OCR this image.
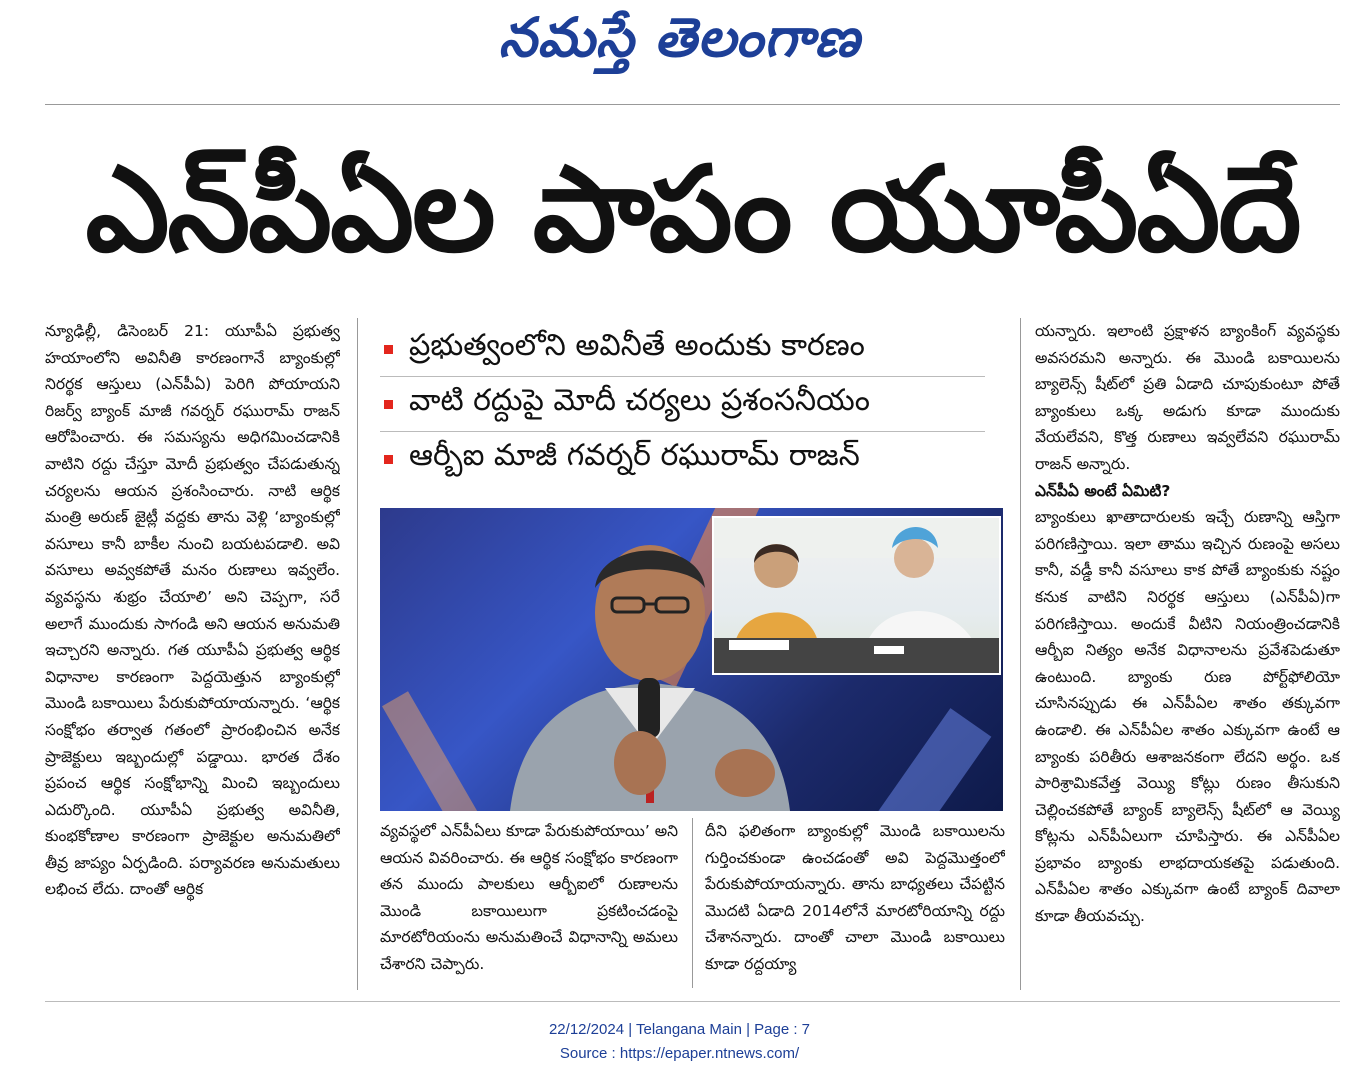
నమస్తే తెలంగాణ
ఎన్‌పీఏల పాపం యూపీఏదే

న్యూఢిల్లీ, డిసెంబర్ 21: యూపీఏ ప్రభుత్వ హయాంలోని అవినీతి కారణంగానే బ్యాంకుల్లో నిరర్థక ఆస్తులు (ఎన్‌పీఏ) పెరిగి పోయాయని రిజర్వ్ బ్యాంక్ మాజీ గవర్నర్ రఘురామ్ రాజన్ ఆరోపించారు. ఈ సమస్యను అధిగమించడానికి వాటిని రద్దు చేస్తూ మోదీ ప్రభుత్వం చేపడుతున్న చర్యలను ఆయన ప్రశంసించారు. నాటి ఆర్థిక మంత్రి అరుణ్ జైట్లీ వద్దకు తాను వెళ్లి ‘బ్యాంకుల్లో వసూలు కానీ బాకీల నుంచి బయటపడాలి. అవి వసూలు అవ్వకపోతే మనం రుణాలు ఇవ్వలేం. వ్యవస్థను శుభ్రం చేయాలి’ అని చెప్పగా, సరే అలాగే ముందుకు సాగండి అని ఆయన అనుమతి ఇచ్చారని అన్నారు. గత యూపీఏ ప్రభుత్వ ఆర్థిక విధానాల కారణంగా పెద్దయెత్తున బ్యాంకుల్లో మొండి బకాయిలు పేరుకుపోయాయన్నారు. ‘ఆర్థిక సంక్షోభం తర్వాత గతంలో ప్రారంభించిన అనేక ప్రాజెక్టులు ఇబ్బందుల్లో పడ్డాయి. భారత దేశం ప్రపంచ ఆర్థిక సంక్షోభాన్ని మించి ఇబ్బందులు ఎదుర్కొంది. యూపీఏ ప్రభుత్వ అవినీతి, కుంభకోణాల కారణంగా ప్రాజెక్టుల అనుమతిలో తీవ్ర జాప్యం ఏర్పడింది. పర్యావరణ అనుమతులు లభించ లేదు. దాంతో ఆర్థిక

ప్రభుత్వంలోని అవినీతే అందుకు కారణం
వాటి రద్దుపై మోదీ చర్యలు ప్రశంసనీయం
ఆర్బీఐ మాజీ గవర్నర్ రఘురామ్ రాజన్

వ్యవస్థలో ఎన్‌పీఏలు కూడా పేరుకుపోయాయి’ అని ఆయన వివరించారు. ఈ ఆర్థిక సంక్షోభం కారణంగా తన ముందు పాలకులు ఆర్బీఐలో రుణాలను మొండి బకాయిలుగా ప్రకటించడంపై మారటోరియంను అనుమతించే విధానాన్ని అమలు చేశారని చెప్పారు.

దీని ఫలితంగా బ్యాంకుల్లో మొండి బకాయిలను గుర్తించకుండా ఉంచడంతో అవి పెద్దమొత్తంలో పేరుకుపోయాయన్నారు. తాను బాధ్యతలు చేపట్టిన మొదటి ఏడాది 2014లోనే మారటోరియాన్ని రద్దు చేశానన్నారు. దాంతో చాలా మొండి బకాయిలు కూడా రద్దయ్యా

యన్నారు. ఇలాంటి ప్రక్షాళన బ్యాంకింగ్ వ్యవస్థకు అవసరమని అన్నారు. ఈ మొండి బకాయిలను బ్యాలెన్స్ షీట్‌లో ప్రతి ఏడాది చూపుకుంటూ పోతే బ్యాంకులు ఒక్క అడుగు కూడా ముందుకు వేయలేవని, కొత్త రుణాలు ఇవ్వలేవని రఘురామ్ రాజన్ అన్నారు.

ఎన్‌పీఏ అంటే ఏమిటి?

బ్యాంకులు ఖాతాదారులకు ఇచ్చే రుణాన్ని ఆస్తిగా పరిగణిస్తాయి. ఇలా తాము ఇచ్చిన రుణంపై అసలు కానీ, వడ్డీ కానీ వసూలు కాక పోతే బ్యాంకుకు నష్టం కనుక వాటిని నిరర్థక ఆస్తులు (ఎన్‌పీఏ)గా పరిగణిస్తాయి. అందుకే వీటిని నియంత్రించడానికి ఆర్బీఐ నిత్యం అనేక విధానాలను ప్రవేశపెడుతూ ఉంటుంది. బ్యాంకు రుణ పోర్ట్‌ఫోలియో చూసినప్పుడు ఈ ఎన్‌పీఏల శాతం తక్కువగా ఉండాలి. ఈ ఎన్‌పీఏల శాతం ఎక్కువగా ఉంటే ఆ బ్యాంకు పరితీరు ఆశాజనకంగా లేదని అర్థం. ఒక పారిశ్రామికవేత్త వెయ్యి కోట్లు రుణం తీసుకుని చెల్లించకపోతే బ్యాంక్ బ్యాలెన్స్ షీట్‌లో ఆ వెయ్యి కోట్లను ఎన్‌పీఏలుగా చూపిస్తారు. ఈ ఎన్‌పీఏల ప్రభావం బ్యాంకు లాభదాయకతపై పడుతుంది. ఎన్‌పీఏల శాతం ఎక్కువగా ఉంటే బ్యాంక్ దివాలా కూడా తీయవచ్చు.

22/12/2024 | Telangana Main | Page : 7
Source : https://epaper.ntnews.com/
